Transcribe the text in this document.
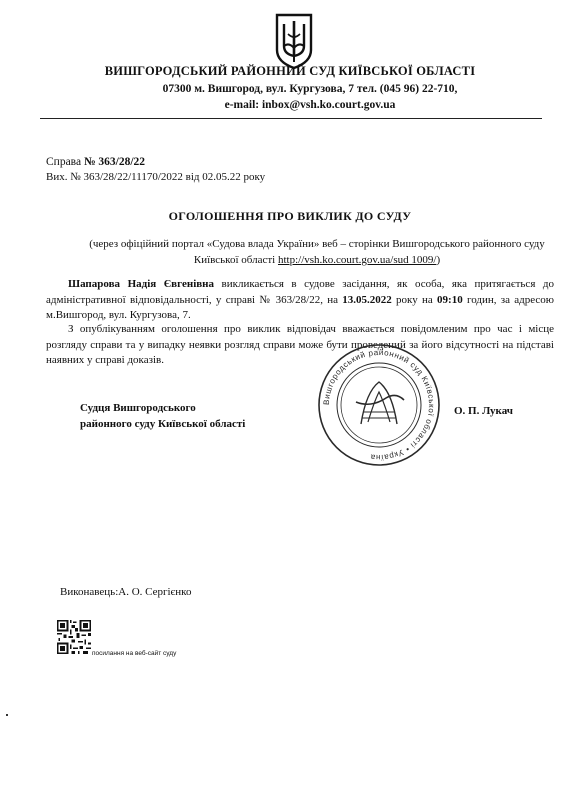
ВИШГОРОДСЬКИЙ РАЙОННИЙ СУД КИЇВСЬКОЇ ОБЛАСТІ
07300 м. Вишгород, вул. Кургузова, 7 тел. (045 96) 22-710,
e-mail: inbox@vsh.ko.court.gov.ua
Справа № 363/28/22
Вих. № 363/28/22/11170/2022 від 02.05.22 року
ОГОЛОШЕННЯ ПРО ВИКЛИК ДО СУДУ
(через офіційний портал «Судова влада України» веб – сторінки Вишгородського районного суду Київської області http://vsh.ko.court.gov.ua/sud 1009/)
Шапарова Надія Євгенівна викликається в судове засідання, як особа, яка притягається до адміністративної відповідальності, у справі № 363/28/22, на 13.05.2022 року на 09:10 годин, за адресою м.Вишгород, вул. Кургузова, 7.
З опублікуванням оголошення про виклик відповідач вважається повідомленим про час і місце розгляду справи та у випадку неявки розгляд справи може бути проведений за його відсутності на підставі наявних у справі доказів.
Вишгородський районний суд Київської області • Україна
Судця Вишгородського
районного суду Київської області
О. П. Лукач
Виконавець:А. О. Сергієнко
посилання на веб-сайт суду
